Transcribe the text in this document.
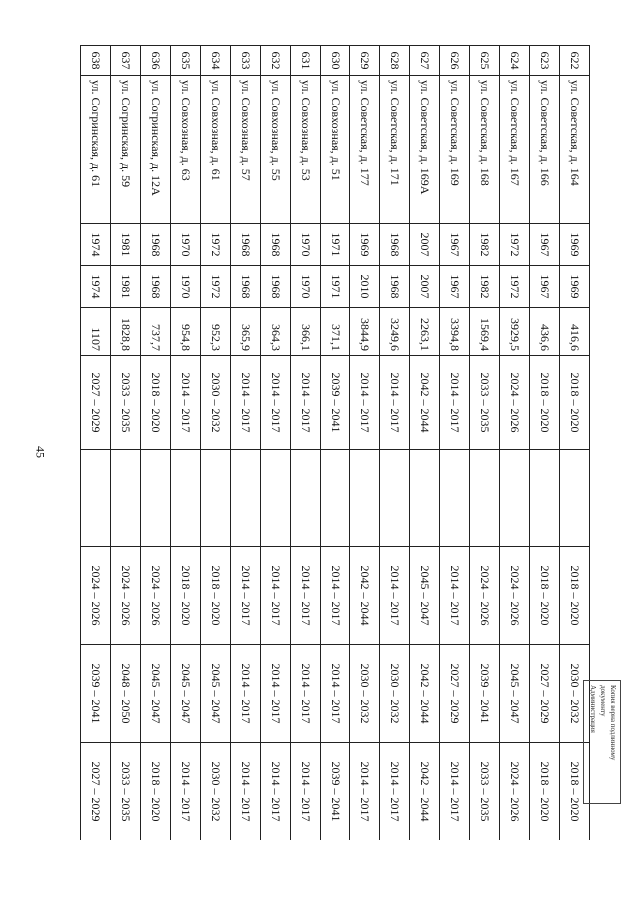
45
622	ул. Советская, д. 164	1969	1969	416,6	2018 – 2020		2018 – 2020	2030 – 2032	2018 – 2020
623	ул. Советская, д. 166	1967	1967	436,6	2018 – 2020		2018 – 2020	2027 – 2029	2018 – 2020
624	ул. Советская, д. 167	1972	1972	3929,5	2024 – 2026		2024 – 2026	2045 – 2047	2024 – 2026
625	ул. Советская, д. 168	1982	1982	1569,4	2033 – 2035		2024 – 2026	2039 – 2041	2033 – 2035
626	ул. Советская, д. 169	1967	1967	3394,8	2014 – 2017		2014 – 2017	2027 – 2029	2014 – 2017
627	ул. Советская, д. 169А	2007	2007	2263,1	2042 – 2044		2045 – 2047	2042 – 2044	2042 – 2044
628	ул. Советская, д. 171	1968	1968	3249,6	2014 – 2017		2014 – 2017	2030 – 2032	2014 – 2017
629	ул. Советская, д. 177	1969	2010	3844,9	2014 – 2017		2042 – 2044	2030 – 2032	2014 – 2017
630	ул. Совхозная, д. 51	1971	1971	371,1	2039 – 2041		2014 – 2017	2014 – 2017	2039 – 2041
631	ул. Совхозная, д. 53	1970	1970	366,1	2014 – 2017		2014 – 2017	2014 – 2017	2014 – 2017
632	ул. Совхозная, д. 55	1968	1968	364,3	2014 – 2017		2014 – 2017	2014 – 2017	2014 – 2017
633	ул. Совхозная, д. 57	1968	1968	365,9	2014 – 2017		2014 – 2017	2014 – 2017	2014 – 2017
634	ул. Совхозная, д. 61	1972	1972	952,3	2030 – 2032		2018 – 2020	2045 – 2047	2030 – 2032
635	ул. Совхозная, д. 63	1970	1970	954,8	2014 – 2017		2018 – 2020	2045 – 2047	2014 – 2017
636	ул. Согринская, д. 12А	1968	1968	737,7	2018 – 2020		2024 – 2026	2045 – 2047	2018 – 2020
637	ул. Согринская, д. 59	1981	1981	1828,8	2033 – 2035		2024 – 2026	2048 – 2050	2033 – 2035
638	ул. Согринская, д. 61	1974	1974	1107	2027 – 2029		2024 – 2026	2039 – 2041	2027 – 2029
Копия верна подлинному
документу
Администрация
